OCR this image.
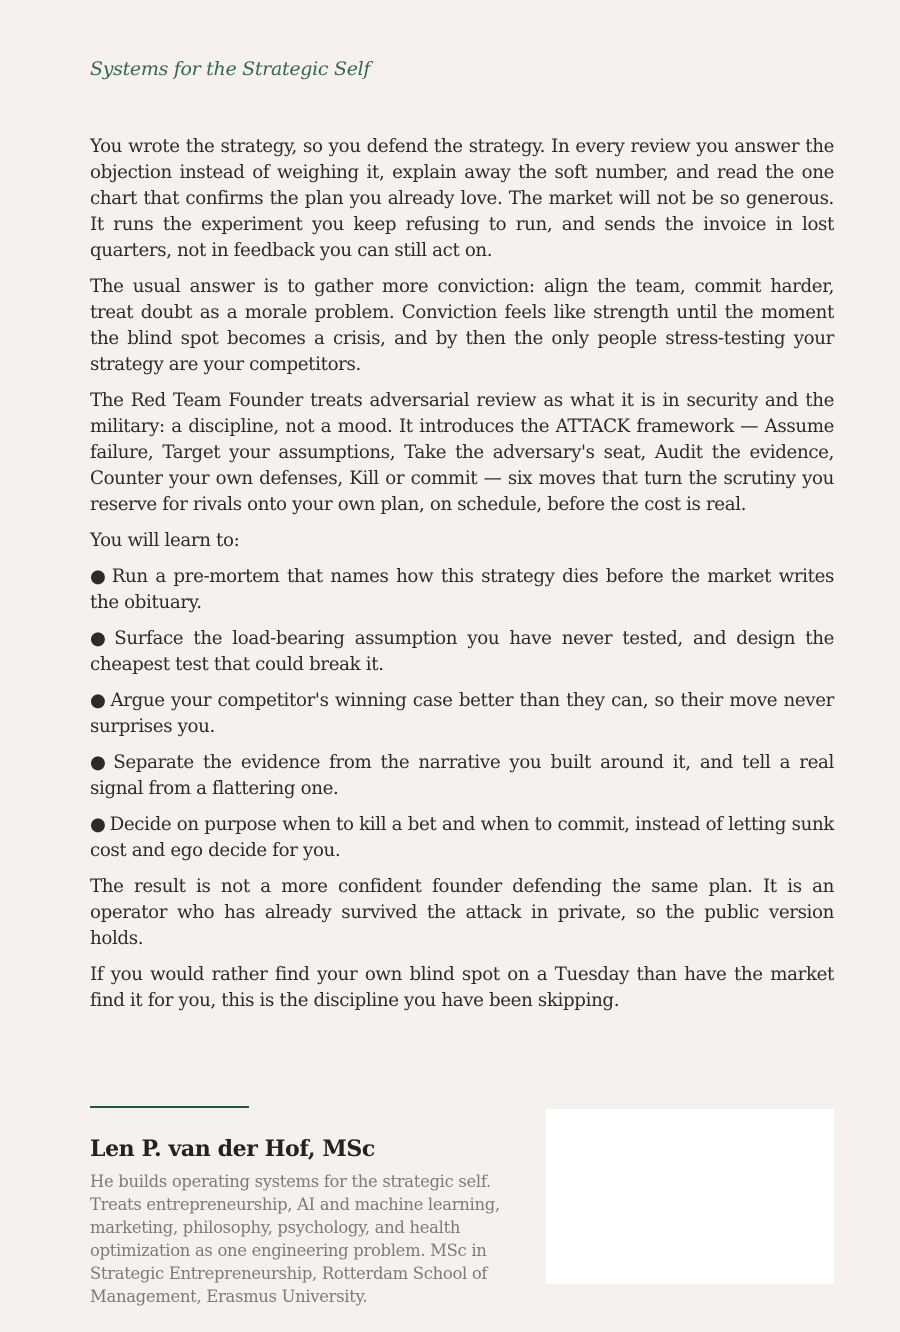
Systems for the Strategic Self

You wrote the strategy, so you defend the strategy. In every review you answer the objection instead of weighing it, explain away the soft number, and read the one chart that confirms the plan you already love. The market will not be so generous. It runs the experiment you keep refusing to run, and sends the invoice in lost quarters, not in feedback you can still act on.

The usual answer is to gather more conviction: align the team, commit harder, treat doubt as a morale problem. Conviction feels like strength until the moment the blind spot becomes a crisis, and by then the only people stress-testing your strategy are your competitors.

The Red Team Founder treats adversarial review as what it is in security and the military: a discipline, not a mood. It introduces the ATTACK framework — Assume failure, Target your assumptions, Take the adversary's seat, Audit the evidence, Counter your own defenses, Kill or commit — six moves that turn the scrutiny you reserve for rivals onto your own plan, on schedule, before the cost is real.

You will learn to:

● Run a pre-mortem that names how this strategy dies before the market writes the obituary.

● Surface the load-bearing assumption you have never tested, and design the cheapest test that could break it.

● Argue your competitor's winning case better than they can, so their move never surprises you.

● Separate the evidence from the narrative you built around it, and tell a real signal from a flattering one.

● Decide on purpose when to kill a bet and when to commit, instead of letting sunk cost and ego decide for you.

The result is not a more confident founder defending the same plan. It is an operator who has already survived the attack in private, so the public version holds.

If you would rather find your own blind spot on a Tuesday than have the market find it for you, this is the discipline you have been skipping.

Len P. van der Hof, MSc

He builds operating systems for the strategic self. Treats entrepreneurship, AI and machine learning, marketing, philosophy, psychology, and health optimization as one engineering problem. MSc in Strategic Entrepreneurship, Rotterdam School of Management, Erasmus University.
